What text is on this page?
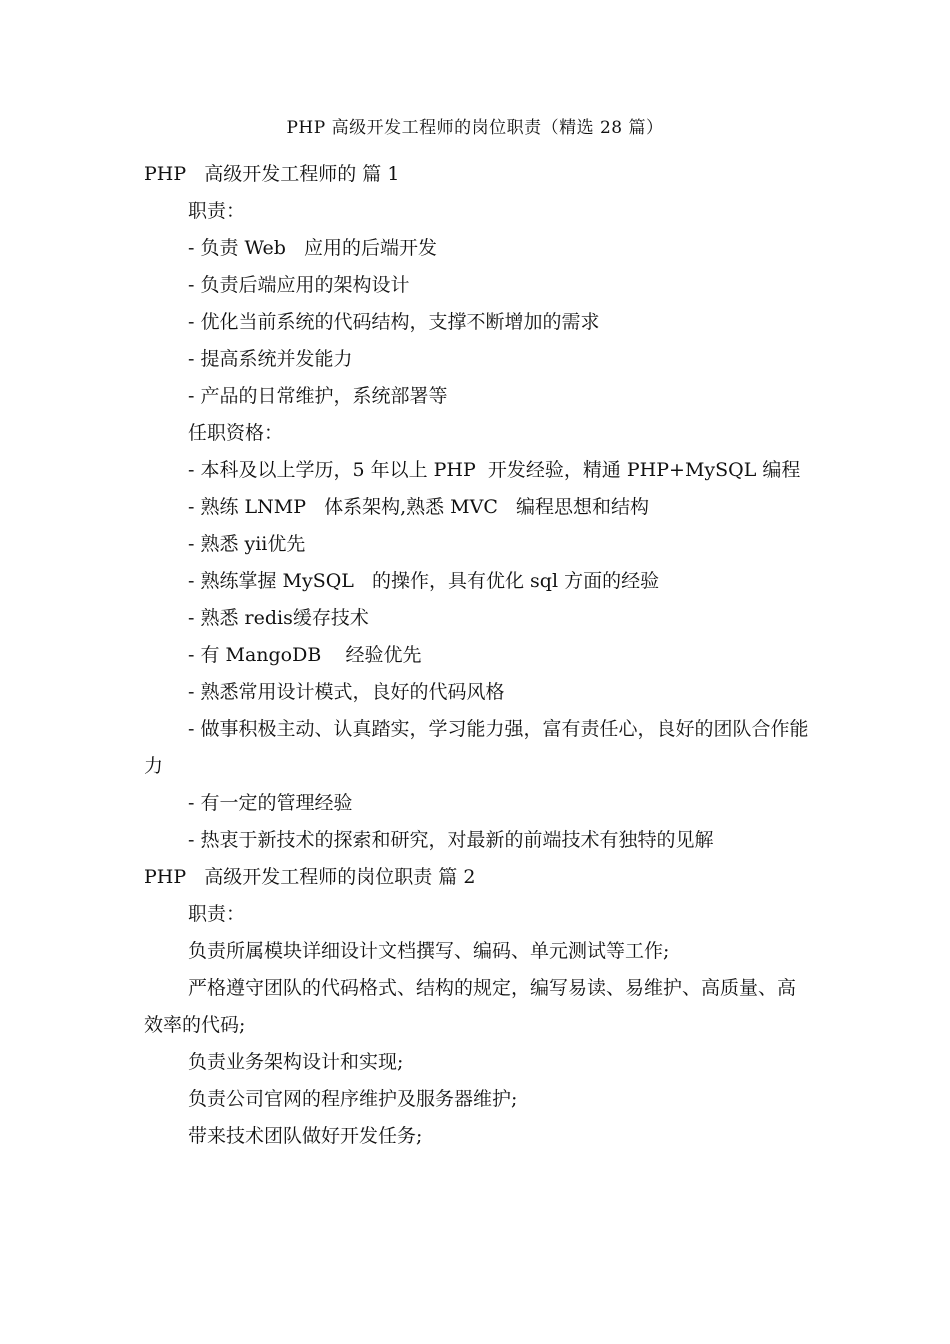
PHP 高级开发工程师的岗位职责（精选 28 篇）

PHP   高级开发工程师的 篇 1

职责：

- 负责 Web   应用的后端开发

- 负责后端应用的架构设计

- 优化当前系统的代码结构，支撑不断增加的需求

- 提高系统并发能力

- 产品的日常维护，系统部署等

任职资格：

- 本科及以上学历，5 年以上 PHP  开发经验，精通 PHP+MySQL 编程

- 熟练 LNMP   体系架构,熟悉 MVC   编程思想和结构

- 熟悉 yii优先

- 熟练掌握 MySQL   的操作，具有优化 sql 方面的经验

- 熟悉 redis缓存技术

- 有 MangoDB    经验优先

- 熟悉常用设计模式，良好的代码风格

- 做事积极主动、认真踏实，学习能力强，富有责任心，良好的团队合作能力

- 有一定的管理经验

- 热衷于新技术的探索和研究，对最新的前端技术有独特的见解

PHP   高级开发工程师的岗位职责 篇 2

职责：

负责所属模块详细设计文档撰写、编码、单元测试等工作;

严格遵守团队的代码格式、结构的规定，编写易读、易维护、高质量、高效率的代码;

负责业务架构设计和实现;

负责公司官网的程序维护及服务器维护;

带来技术团队做好开发任务;
